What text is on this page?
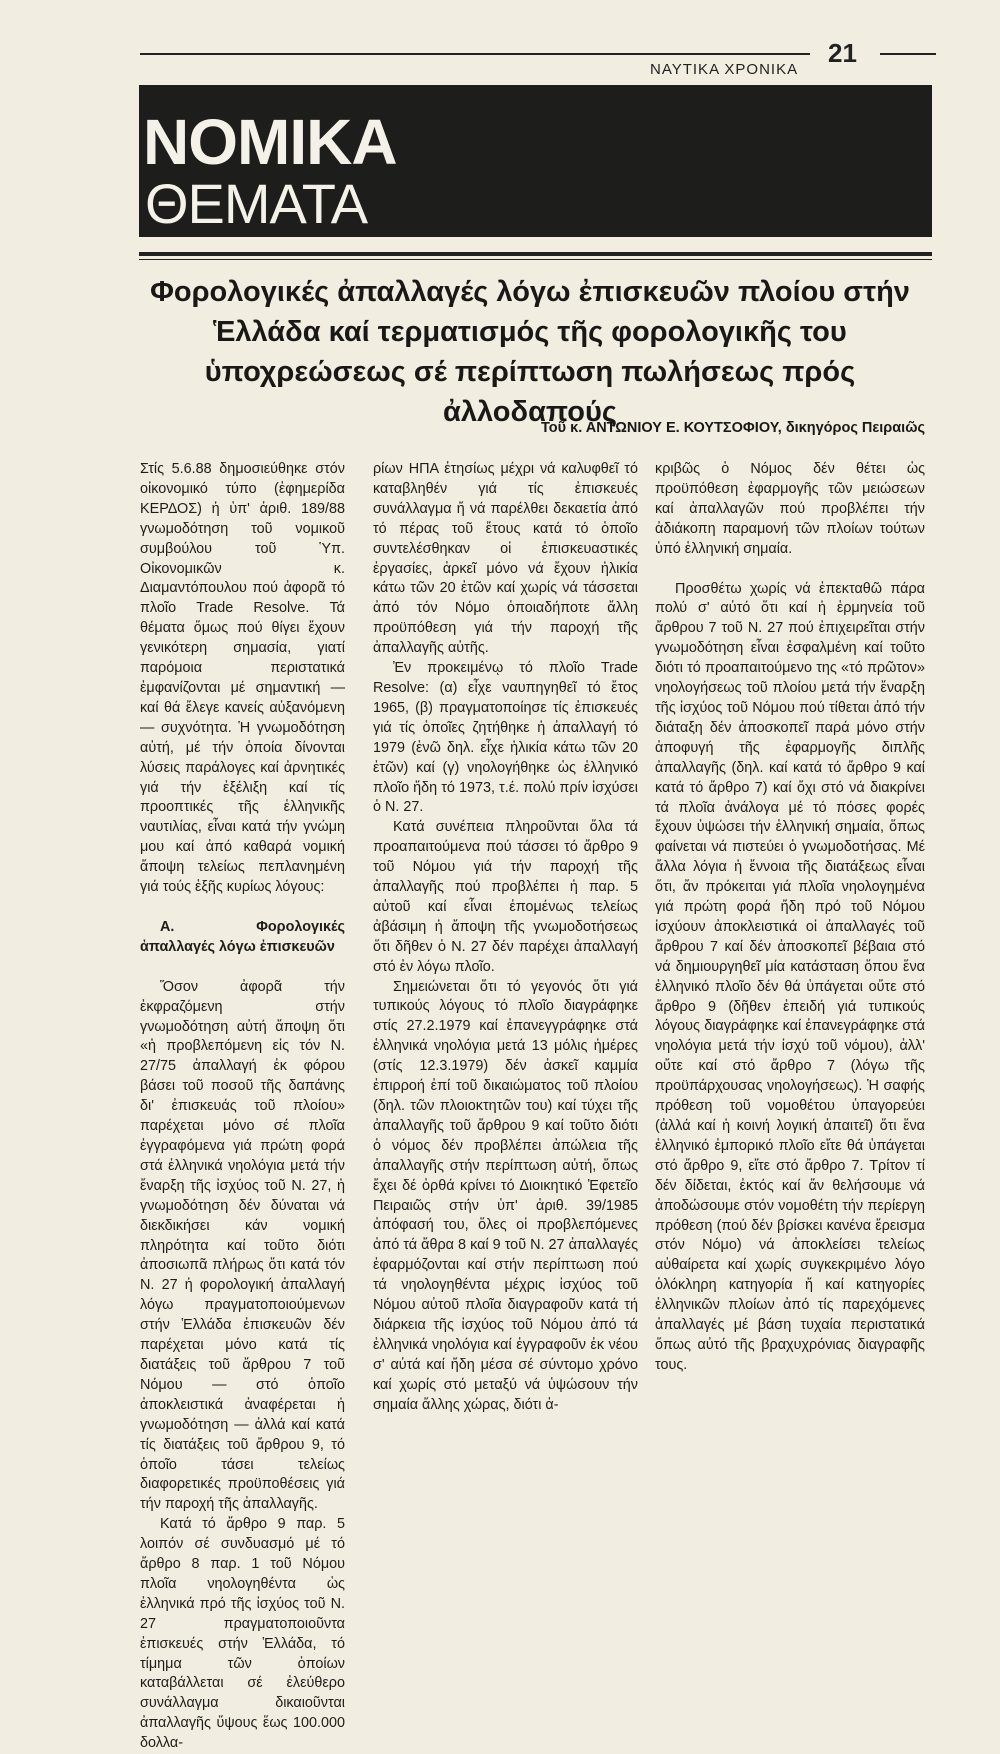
ΝΑΥΤΙΚΑ ΧΡΟΝΙΚΑ
21
ΝΟΜΙΚΑ
ΘΕΜΑΤΑ
Φορολογικές ἀπαλλαγές λόγω ἐπισκευῶν πλοίου στήν Ἑλλάδα καί τερματισμός τῆς φορολογικῆς του ὑποχρεώσεως σέ περίπτωση πωλήσεως πρός ἀλλοδαπούς
Τοῦ κ. ΑΝΤΩΝΙΟΥ Ε. ΚΟΥΤΣΟΦΙΟΥ, δικηγόρος Πειραιῶς

Στίς 5.6.88 δημοσιεύθηκε στόν οἰκονομικό τύπο (ἐφημερίδα ΚΕΡΔΟΣ) ἡ ὑπ' ἀριθ. 189/88 γνωμοδότηση τοῦ νομικοῦ συμβούλου τοῦ Ὑπ. Οἰκονομικῶν κ. Διαμαντόπουλου πού ἀφορᾶ τό πλοῖο Trade Resolve. Τά θέματα ὅμως πού θίγει ἔχουν γενικότερη σημασία, γιατί παρόμοια περιστατικά ἐμφανίζονται μέ σημαντική — καί θά ἔλεγε κανείς αὐξανόμενη — συχνότητα. Ἡ γνωμοδότηση αὐτή, μέ τήν ὁποία δίνονται λύσεις παράλογες καί ἀρνητικές γιά τήν ἐξέλιξη καί τίς προοπτικές τῆς ἑλληνικῆς ναυτιλίας, εἶναι κατά τήν γνώμη μου καί ἀπό καθαρά νομική ἄποψη τελείως πεπλανημένη γιά τούς ἑξῆς κυρίως λόγους:

Α. Φορολογικές ἀπαλλαγές λόγω ἐπισκευῶν

Ὅσον ἀφορᾶ τήν ἐκφραζόμενη στήν γνωμοδότηση αὐτή ἄποψη ὅτι «ἡ προβλεπόμενη εἰς τόν Ν. 27/75 ἀπαλλαγή ἐκ φόρου βάσει τοῦ ποσοῦ τῆς δαπάνης δι' ἐπισκευάς τοῦ πλοίου» παρέχεται μόνο σέ πλοῖα ἐγγραφόμενα γιά πρώτη φορά στά ἑλληνικά νηολόγια μετά τήν ἔναρξη τῆς ἰσχύος τοῦ Ν. 27, ἡ γνωμοδότηση δέν δύναται νά διεκδικήσει κάν νομική πληρότητα καί τοῦτο διότι ἀποσιωπᾶ πλήρως ὅτι κατά τόν Ν. 27 ἡ φορολογική ἀπαλλαγή λόγω πραγματοποιούμενων στήν Ἑλλάδα ἐπισκευῶν δέν παρέχεται μόνο κατά τίς διατάξεις τοῦ ἄρθρου 7 τοῦ Νόμου — στό ὁποῖο ἀποκλειστικά ἀναφέρεται ἡ γνωμοδότηση — ἀλλά καί κατά τίς διατάξεις τοῦ ἄρθρου 9, τό ὁποῖο τάσει τελείως διαφορετικές προϋποθέσεις γιά τήν παροχή τῆς ἀπαλλαγῆς.

Κατά τό ἄρθρο 9 παρ. 5 λοιπόν σέ συνδυασμό μέ τό ἄρθρο 8 παρ. 1 τοῦ Νόμου πλοῖα νηολογηθέντα ὡς ἑλληνικά πρό τῆς ἰσχύος τοῦ Ν. 27 πραγματοποιοῦντα ἐπισκευές στήν Ἑλλάδα, τό τίμημα τῶν ὁποίων καταβάλλεται σέ ἐλεύθερο συνάλλαγμα δικαιοῦνται ἀπαλλαγῆς ὕψους ἕως 100.000 δολλα-

ρίων ΗΠΑ ἐτησίως μέχρι νά καλυφθεῖ τό καταβληθέν γιά τίς ἐπισκευές συνάλλαγμα ἤ νά παρέλθει δεκαετία ἀπό τό πέρας τοῦ ἔτους κατά τό ὁποῖο συντελέσθηκαν οἱ ἐπισκευαστικές ἐργασίες, ἀρκεῖ μόνο νά ἔχουν ἡλικία κάτω τῶν 20 ἐτῶν καί χωρίς νά τάσσεται ἀπό τόν Νόμο ὁποιαδήποτε ἄλλη προϋπόθεση γιά τήν παροχή τῆς ἀπαλλαγῆς αὐτῆς.

Ἐν προκειμένῳ τό πλοῖο Trade Resolve: (α) εἶχε ναυπηγηθεῖ τό ἔτος 1965, (β) πραγματοποίησε τίς ἐπισκευές γιά τίς ὁποῖες ζητήθηκε ἡ ἀπαλλαγή τό 1979 (ἑνῶ δηλ. εἶχε ἡλικία κάτω τῶν 20 ἐτῶν) καί (γ) νηολογήθηκε ὡς ἑλληνικό πλοῖο ἤδη τό 1973, τ.έ. πολύ πρίν ἰσχύσει ὁ Ν. 27.

Κατά συνέπεια πληροῦνται ὅλα τά προαπαιτούμενα πού τάσσει τό ἄρθρο 9 τοῦ Νόμου γιά τήν παροχή τῆς ἀπαλλαγῆς πού προβλέπει ἡ παρ. 5 αὐτοῦ καί εἶναι ἐπομένως τελείως ἀβάσιμη ἡ ἄποψη τῆς γνωμοδοτήσεως ὅτι δῆθεν ὁ Ν. 27 δέν παρέχει ἀπαλλαγή στό ἐν λόγω πλοῖο.

Σημειώνεται ὅτι τό γεγονός ὅτι γιά τυπικούς λόγους τό πλοῖο διαγράφηκε στίς 27.2.1979 καί ἐπανεγγράφηκε στά ἑλληνικά νηολόγια μετά 13 μόλις ἡμέρες (στίς 12.3.1979) δέν ἀσκεῖ καμμία ἐπιρροή ἐπί τοῦ δικαιώματος τοῦ πλοίου (δηλ. τῶν πλοιοκτητῶν του) καί τύχει τῆς ἀπαλλαγῆς τοῦ ἄρθρου 9 καί τοῦτο διότι ὁ νόμος δέν προβλέπει ἀπώλεια τῆς ἀπαλλαγῆς στήν περίπτωση αὐτή, ὅπως ἔχει δέ ὀρθά κρίνει τό Διοικητικό Ἐφετεῖο Πειραιῶς στήν ὑπ' ἀριθ. 39/1985 ἀπόφασή του, ὅλες οἱ προβλεπόμενες ἀπό τά ἄθρα 8 καί 9 τοῦ Ν. 27 ἀπαλλαγές ἐφαρμόζονται καί στήν περίπτωση πού τά νηολογηθέντα μέχρις ἰσχύος τοῦ Νόμου αὐτοῦ πλοῖα διαγραφοῦν κατά τή διάρκεια τῆς ἰσχύος τοῦ Νόμου ἀπό τά ἑλληνικά νηολόγια καί ἐγγραφοῦν ἐκ νέου σ' αὐτά καί ἤδη μέσα σέ σύντομο χρόνο καί χωρίς στό μεταξύ νά ὑψώσουν τήν σημαία ἄλλης χώρας, διότι ἀ-

κριβῶς ὁ Νόμος δέν θέτει ὡς προϋπόθεση ἐφαρμογῆς τῶν μειώσεων καί ἀπαλλαγῶν πού προβλέπει τήν ἀδιάκοπη παραμονή τῶν πλοίων τούτων ὑπό ἑλληνική σημαία.

Προσθέτω χωρίς νά ἐπεκταθῶ πάρα πολύ σ' αὐτό ὅτι καί ἡ ἑρμηνεία τοῦ ἄρθρου 7 τοῦ Ν. 27 πού ἐπιχειρεῖται στήν γνωμοδότηση εἶναι ἐσφαλμένη καί τοῦτο διότι τό προαπαιτούμενο της «τό πρῶτον» νηολογήσεως τοῦ πλοίου μετά τήν ἔναρξη τῆς ἰσχύος τοῦ Νόμου πού τίθεται ἀπό τήν διάταξη δέν ἀποσκοπεῖ παρά μόνο στήν ἀποφυγή τῆς ἐφαρμογῆς διπλῆς ἀπαλλαγῆς (δηλ. καί κατά τό ἄρθρο 9 καί κατά τό ἄρθρο 7) καί ὄχι στό νά διακρίνει τά πλοῖα ἀνάλογα μέ τό πόσες φορές ἔχουν ὑψώσει τήν ἑλληνική σημαία, ὅπως φαίνεται νά πιστεύει ὁ γνωμοδοτήσας. Μέ ἄλλα λόγια ἡ ἔννοια τῆς διατάξεως εἶναι ὅτι, ἄν πρόκειται γιά πλοῖα νηολογημένα γιά πρώτη φορά ἤδη πρό τοῦ Νόμου ἰσχύουν ἀποκλειστικά οἱ ἀπαλλαγές τοῦ ἄρθρου 7 καί δέν ἀποσκοπεῖ βέβαια στό νά δημιουργηθεῖ μία κατάσταση ὅπου ἕνα ἑλληνικό πλοῖο δέν θά ὑπάγεται οὔτε στό ἄρθρο 9 (δῆθεν ἐπειδή γιά τυπικούς λόγους διαγράφηκε καί ἐπανεγράφηκε στά νηολόγια μετά τήν ἰσχύ τοῦ νόμου), ἀλλ' οὔτε καί στό ἄρθρο 7 (λόγω τῆς προϋπάρχουσας νηολογήσεως). Ἡ σαφής πρόθεση τοῦ νομοθέτου ὑπαγορεύει (ἀλλά καί ἡ κοινή λογική ἀπαιτεῖ) ὅτι ἕνα ἑλληνικό ἐμπορικό πλοῖο εἴτε θά ὑπάγεται στό ἄρθρο 9, εἴτε στό ἄρθρο 7. Τρίτον τί δέν δίδεται, ἐκτός καί ἄν θελήσουμε νά ἀποδώσουμε στόν νομοθέτη τήν περίεργη πρόθεση (πού δέν βρίσκει κανένα ἔρεισμα στόν Νόμο) νά ἀποκλείσει τελείως αὐθαίρετα καί χωρίς συγκεκριμένο λόγο ὁλόκληρη κατηγορία ἤ καί κατηγορίες ἑλληνικῶν πλοίων ἀπό τίς παρεχόμενες ἀπαλλαγές μέ βάση τυχαία περιστατικά ὅπως αὐτό τῆς βραχυχρόνιας διαγραφῆς τους.
